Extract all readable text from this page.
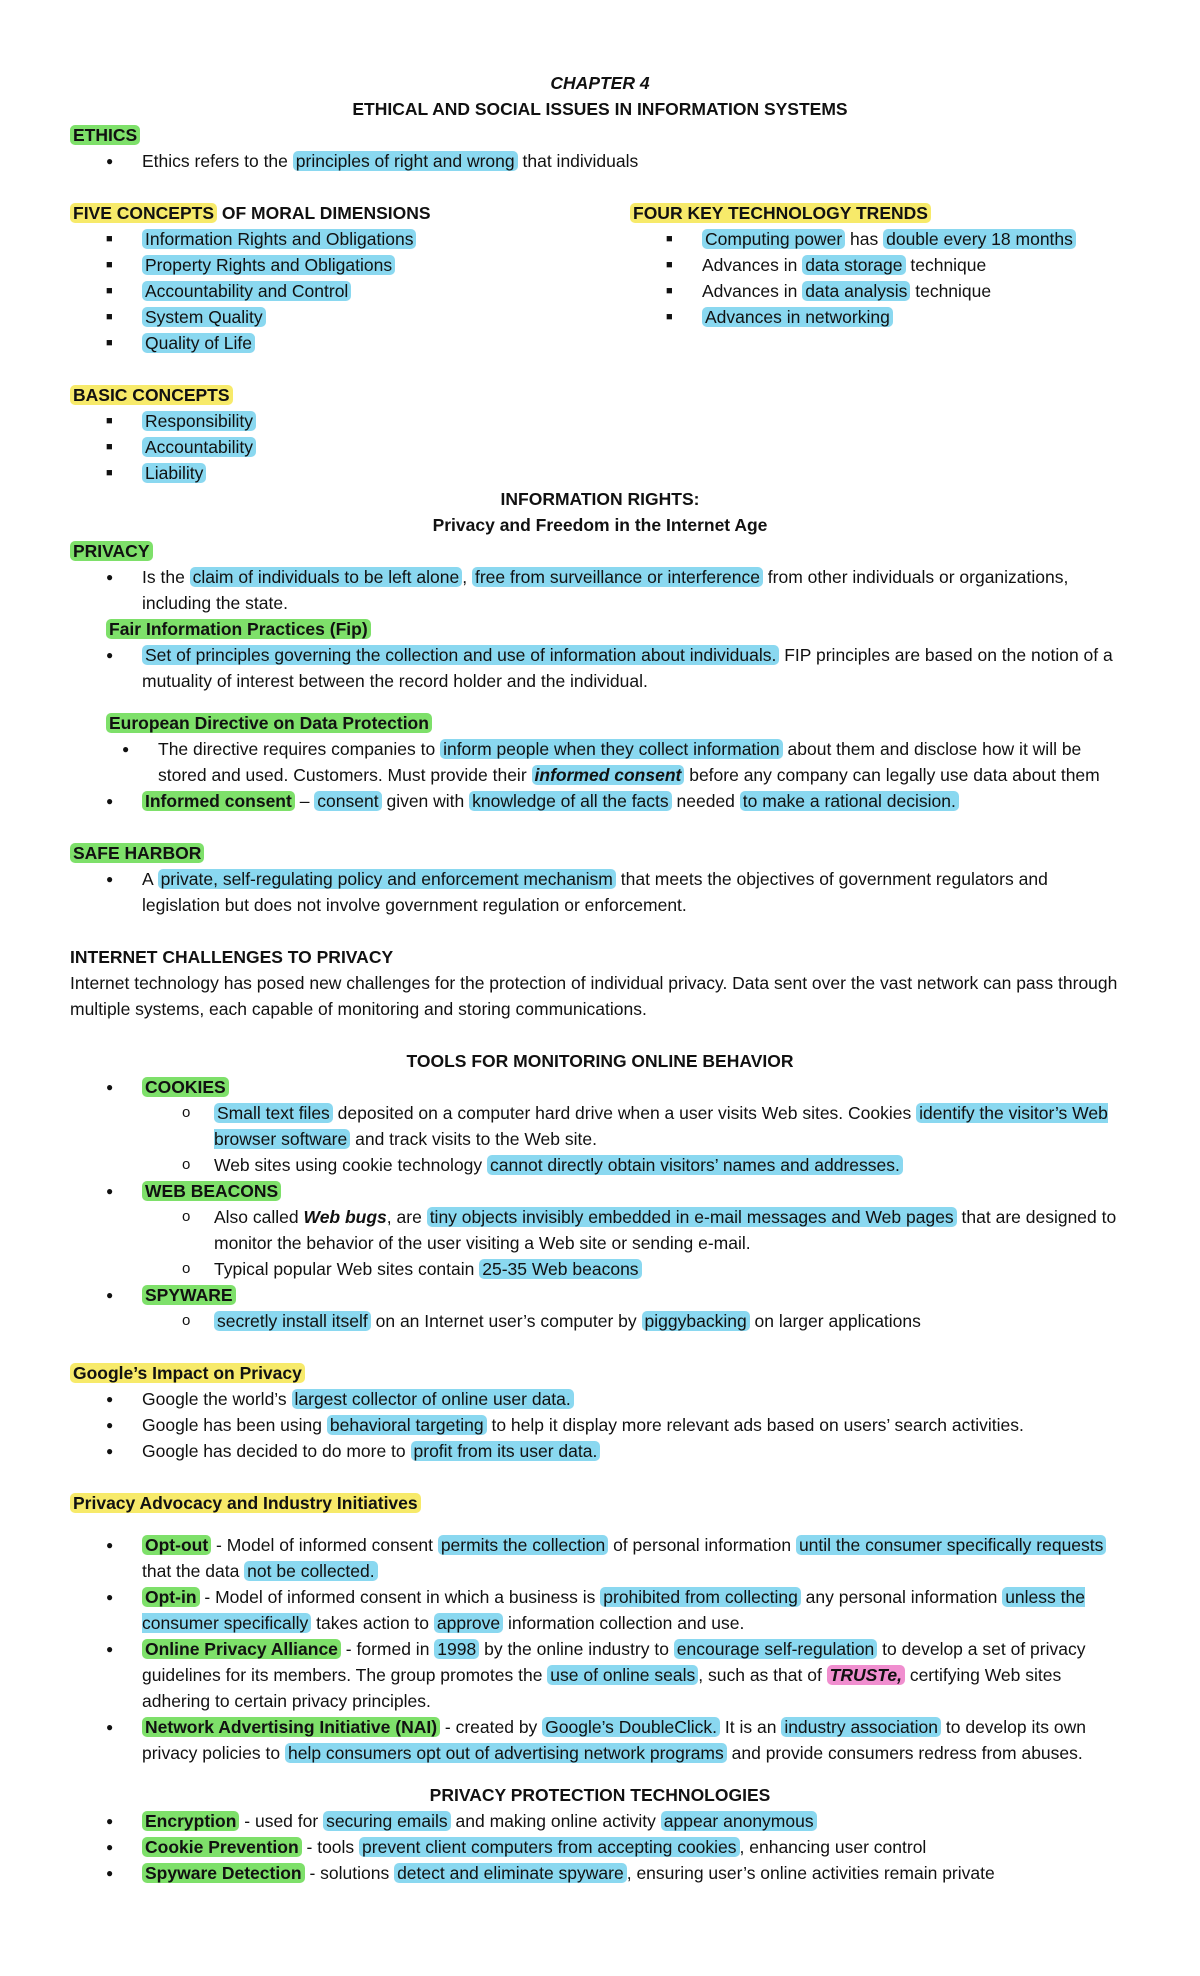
CHAPTER 4
ETHICAL AND SOCIAL ISSUES IN INFORMATION SYSTEMS
ETHICS
● Ethics refers to the principles of right and wrong that individuals
FIVE CONCEPTS OF MORAL DIMENSIONS
■ Information Rights and Obligations
■ Property Rights and Obligations
■ Accountability and Control
■ System Quality
■ Quality of Life
FOUR KEY TECHNOLOGY TRENDS
■ Computing power has double every 18 months
■ Advances in data storage technique
■ Advances in data analysis technique
■ Advances in networking
BASIC CONCEPTS
■ Responsibility
■ Accountability
■ Liability
INFORMATION RIGHTS:
Privacy and Freedom in the Internet Age
PRIVACY
● Is the claim of individuals to be left alone , free from surveillance or interference from other individuals or organizations, including the state.
Fair Information Practices (Fip)
● Set of principles governing the collection and use of information about individuals. FIP principles are based on the notion of a mutuality of interest between the record holder and the individual.
European Directive on Data Protection
● The directive requires companies to inform people when they collect information about them and disclose how it will be stored and used. Customers. Must provide their informed consent before any company can legally use data about them
● Informed consent – consent given with knowledge of all the facts needed to make a rational decision.
SAFE HARBOR
● A private, self-regulating policy and enforcement mechanism that meets the objectives of government regulators and legislation but does not involve government regulation or enforcement.
INTERNET CHALLENGES TO PRIVACY
Internet technology has posed new challenges for the protection of individual privacy. Data sent over the vast network can pass through multiple systems, each capable of monitoring and storing communications.
TOOLS FOR MONITORING ONLINE BEHAVIOR
● COOKIES
o Small text files deposited on a computer hard drive when a user visits Web sites. Cookies identify the visitor’s Web browser software and track visits to the Web site.
o Web sites using cookie technology cannot directly obtain visitors’ names and addresses.
● WEB BEACONS
o Also called Web bugs, are tiny objects invisibly embedded in e-mail messages and Web pages that are designed to monitor the behavior of the user visiting a Web site or sending e-mail.
o Typical popular Web sites contain 25-35 Web beacons
● SPYWARE
o secretly install itself on an Internet user’s computer by piggybacking on larger applications
Google’s Impact on Privacy
● Google the world’s largest collector of online user data.
● Google has been using behavioral targeting to help it display more relevant ads based on users’ search activities.
● Google has decided to do more to profit from its user data.
Privacy Advocacy and Industry Initiatives
● Opt-out - Model of informed consent permits the collection of personal information until the consumer specifically requests that the data not be collected.
● Opt-in - Model of informed consent in which a business is prohibited from collecting any personal information unless the consumer specifically takes action to approve information collection and use.
● Online Privacy Alliance - formed in 1998 by the online industry to encourage self-regulation to develop a set of privacy guidelines for its members. The group promotes the use of online seals , such as that of TRUSTe, certifying Web sites adhering to certain privacy principles.
● Network Advertising Initiative (NAI) - created by Google’s DoubleClick. It is an industry association to develop its own privacy policies to help consumers opt out of advertising network programs and provide consumers redress from abuses.
PRIVACY PROTECTION TECHNOLOGIES
● Encryption - used for securing emails and making online activity appear anonymous
● Cookie Prevention - tools prevent client computers from accepting cookies , enhancing user control
● Spyware Detection - solutions detect and eliminate spyware , ensuring user’s online activities remain private
